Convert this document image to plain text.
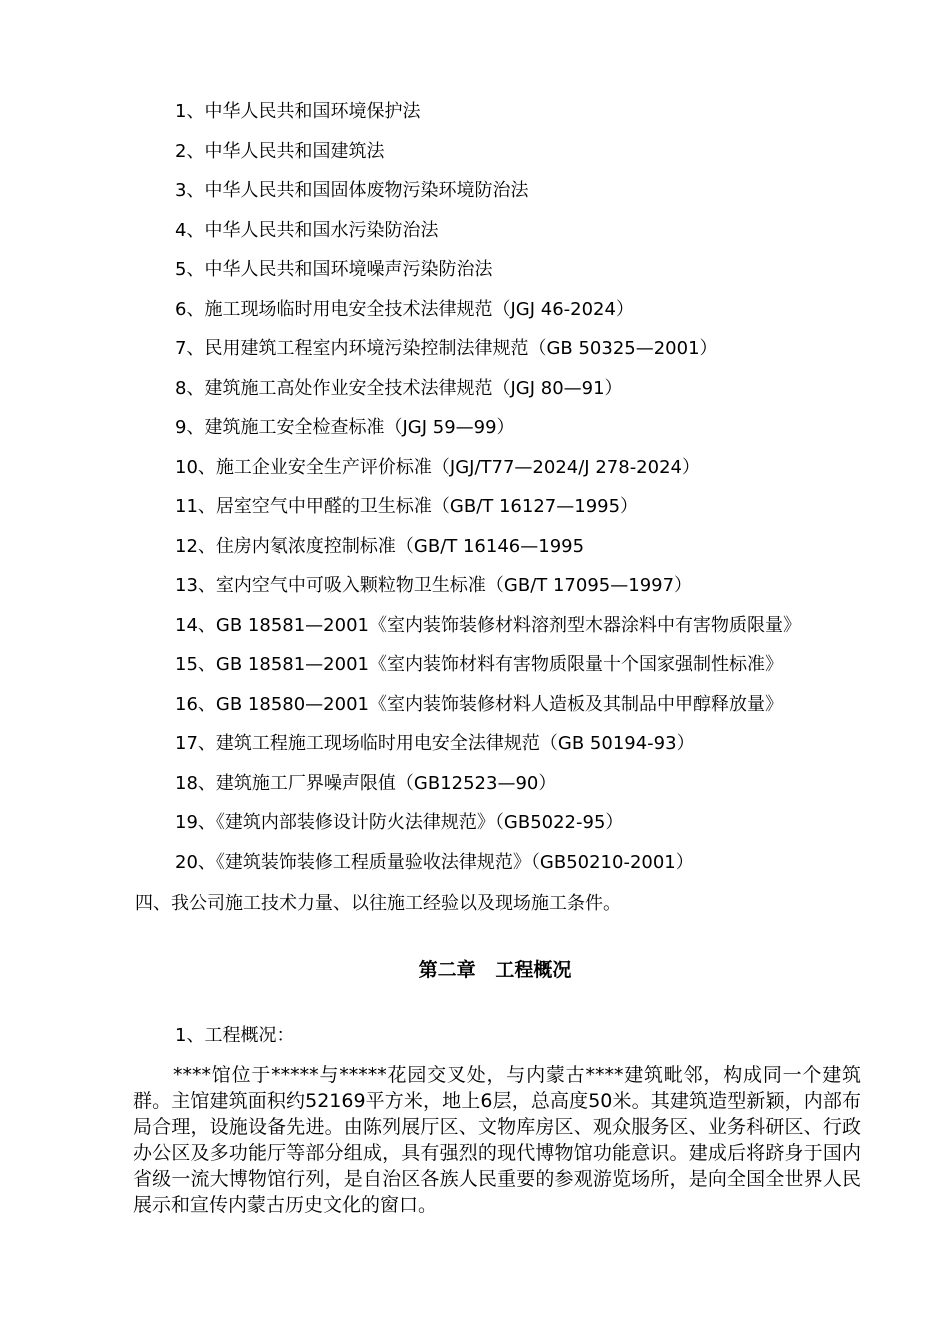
1、中华人民共和国环境保护法
2、中华人民共和国建筑法
3、中华人民共和国固体废物污染环境防治法
4、中华人民共和国水污染防治法
5、中华人民共和国环境噪声污染防治法
6、施工现场临时用电安全技术法律规范（JGJ 46-2024）
7、民用建筑工程室内环境污染控制法律规范（GB 50325—2001）
8、建筑施工高处作业安全技术法律规范（JGJ 80—91）
9、建筑施工安全检查标准（JGJ 59—99）
10、施工企业安全生产评价标准（JGJ/T77—2024/J 278-2024）
11、居室空气中甲醛的卫生标准（GB/T 16127—1995）
12、住房内氡浓度控制标准（GB/T 16146—1995
13、室内空气中可吸入颗粒物卫生标准（GB/T 17095—1997）
14、GB 18581—2001《室内装饰装修材料溶剂型木器涂料中有害物质限量》
15、GB 18581—2001《室内装饰材料有害物质限量十个国家强制性标准》
16、GB 18580—2001《室内装饰装修材料人造板及其制品中甲醇释放量》
17、建筑工程施工现场临时用电安全法律规范（GB 50194-93）
18、建筑施工厂界噪声限值（GB12523—90）
19、《建筑内部装修设计防火法律规范》（GB5022-95）
20、《建筑装饰装修工程质量验收法律规范》（GB50210-2001）
四、我公司施工技术力量、以往施工经验以及现场施工条件。
第二章   工程概况
1、工程概况：

****馆位于*****与*****花园交叉处，与内蒙古****建筑毗邻，构成同一个建筑群。主馆建筑面积约52169平方米，地上6层，总高度50米。其建筑造型新颖，内部布局合理，设施设备先进。由陈列展厅区、文物库房区、观众服务区、业务科研区、行政办公区及多功能厅等部分组成，具有强烈的现代博物馆功能意识。建成后将跻身于国内省级一流大博物馆行列，是自治区各族人民重要的参观游览场所，是向全国全世界人民展示和宣传内蒙古历史文化的窗口。
